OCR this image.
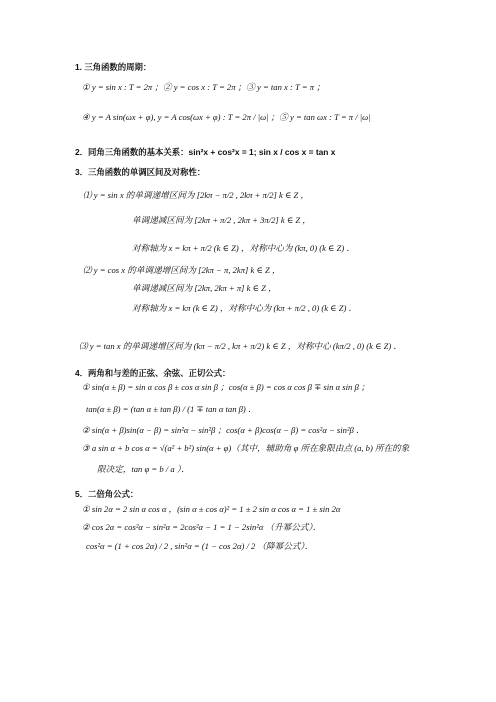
1. 三角函数的周期：
① y = sin x : T = 2π ；② y = cos x : T = 2π ；③ y = tan x : T = π ；
④ y = A sin(ωx + φ), y = A cos(ωx + φ) : T = 2π / |ω| ；⑤ y = tan ωx : T = π / |ω|
2．同角三角函数的基本关系：sin²x + cos²x = 1; sin x / cos x = tan x
3．三角函数的单调区间及对称性：
⑴ y = sin x 的单调递增区间为 [2kπ − π/2 , 2kπ + π/2] k ∈ Z ，
单调递减区间为 [2kπ + π/2 , 2kπ + 3π/2] k ∈ Z ，
对称轴为 x = kπ + π/2 (k ∈ Z) ，对称中心为 (kπ, 0) (k ∈ Z) ．
⑵ y = cos x 的单调递增区间为 [2kπ − π, 2kπ] k ∈ Z ，
单调递减区间为 [2kπ, 2kπ + π] k ∈ Z ，
对称轴为 x = kπ (k ∈ Z) ，对称中心为 (kπ + π/2 , 0) (k ∈ Z) ．
⑶ y = tan x 的单调递增区间为 (kπ − π/2 , kπ + π/2) k ∈ Z ，对称中心 (kπ/2 , 0) (k ∈ Z) ．
4．两角和与差的正弦、余弦、正切公式：
① sin(α ± β) = sin α cos β ± cos α sin β ；cos(α ± β) = cos α cos β ∓ sin α sin β ；
tan(α ± β) = (tan α ± tan β) / (1 ∓ tan α tan β) ．
② sin(α + β)sin(α − β) = sin²α − sin²β ；cos(α + β)cos(α − β) = cos²α − sin²β ．
③ a sin α + b cos α = √(a² + b²) sin(α + φ)（其中，辅助角 φ 所在象限由点 (a, b) 所在的象
限决定，tan φ = b / a ）．
5．二倍角公式：
① sin 2α = 2 sin α cos α ，(sin α ± cos α)² = 1 ± 2 sin α cos α = 1 ± sin 2α
② cos 2α = cos²α − sin²α = 2cos²α − 1 = 1 − 2sin²α （升幂公式）．
cos²α = (1 + cos 2α) / 2 , sin²α = (1 − cos 2α) / 2 （降幂公式）．
